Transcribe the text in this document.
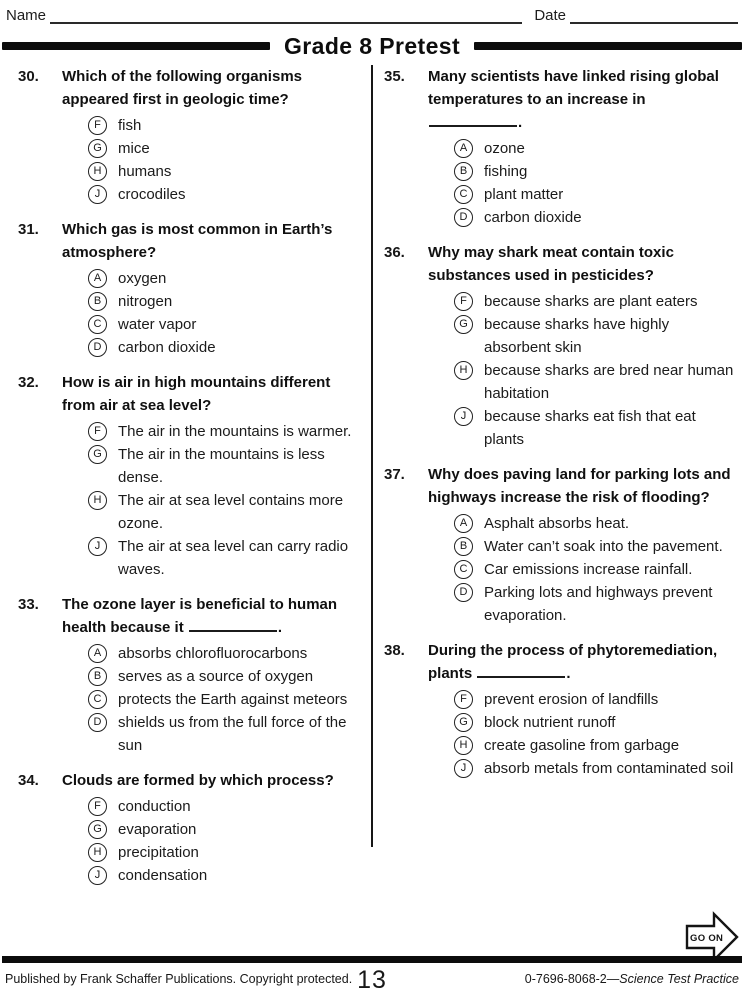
Name	Date
Grade 8 Pretest
30.	Which of the following organisms appeared first in geologic time?
F	fish
G	mice
H	humans
J	crocodiles
31.	Which gas is most common in Earth’s atmosphere?
A	oxygen
B	nitrogen
C	water vapor
D	carbon dioxide
32.	How is air in high mountains different from air at sea level?
F	The air in the mountains is warmer.
G	The air in the mountains is less dense.
H	The air at sea level contains more ozone.
J	The air at sea level can carry radio waves.
33.	The ozone layer is beneficial to human health because it	.
A	absorbs chlorofluorocarbons
B	serves as a source of oxygen
C	protects the Earth against meteors
D	shields us from the full force of the sun
34.	Clouds are formed by which process?
F	conduction
G	evaporation
H	precipitation
J	condensation
35.	Many scientists have linked rising global temperatures to an increase in .
A	ozone
B	fishing
C	plant matter
D	carbon dioxide
36.	Why may shark meat contain toxic substances used in pesticides?
F	because sharks are plant eaters
G	because sharks have highly absorbent skin
H	because sharks are bred near human habitation
J	because sharks eat fish that eat plants
37.	Why does paving land for parking lots and highways increase the risk of flooding?
A	Asphalt absorbs heat.
B	Water can’t soak into the pavement.
C	Car emissions increase rainfall.
D	Parking lots and highways prevent evaporation.
38.	During the process of phytoremediation, plants	.
F	prevent erosion of landfills
G	block nutrient runoff
H	create gasoline from garbage
J	absorb metals from contaminated soil
GO ON
Published by Frank Schaffer Publications. Copyright protected. 13	0-7696-8068-2—Science Test Practice
